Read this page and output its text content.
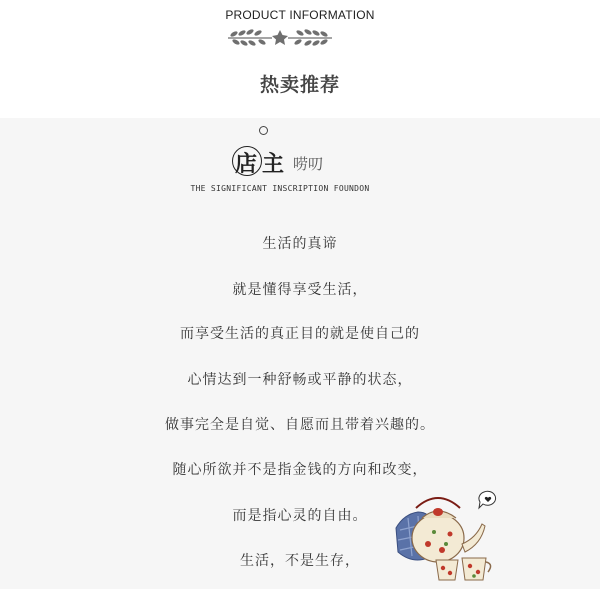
PRODUCT INFORMATION
热卖推荐
店 主 唠叨
THE SIGNIFICANT INSCRIPTION FOUNDON
生活的真谛
就是懂得享受生活，
而享受生活的真正目的就是使自己的
心情达到一种舒畅或平静的状态，
做事完全是自觉、自愿而且带着兴趣的。
随心所欲并不是指金钱的方向和改变，
而是指心灵的自由。
生活，不是生存，
